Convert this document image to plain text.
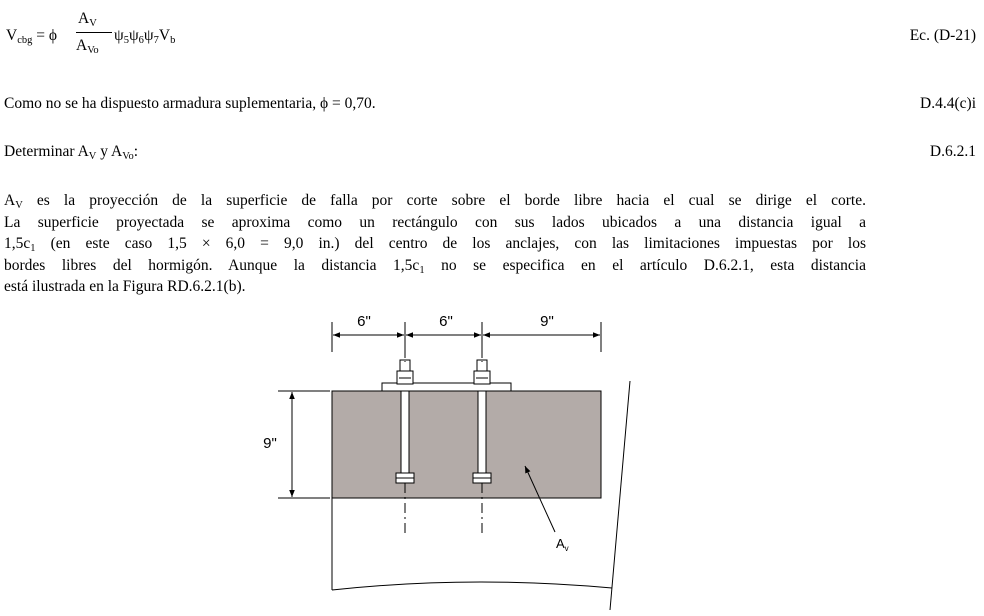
$V_{cbg} = \phi$
$A_V$
$A_{Vo}$
$\psi_5\psi_6\psi_7V_b$	Ec. (D-21)
Como no se ha dispuesto armadura suplementaria, ϕ = 0,70.	D.4.4(c)i
Determinar $A_V$ y $A_{Vo}$:	D.6.2.1
$A_V$ es la proyección de la superficie de falla por corte sobre el borde libre hacia el cual se dirige el corte.
La superficie proyectada se aproxima como un rectángulo con sus lados ubicados a una distancia igual a
$1,5c_1$ (en este caso 1,5 × 6,0 = 9,0 in.) del centro de los anclajes, con las limitaciones impuestas por los
bordes libres del hormigón. Aunque la distancia $1,5c_1$ no se especifica en el artículo D.6.2.1, esta distancia
está ilustrada en la Figura RD.6.2.1(b).
6"	6"	9"
9"
$A_v$
